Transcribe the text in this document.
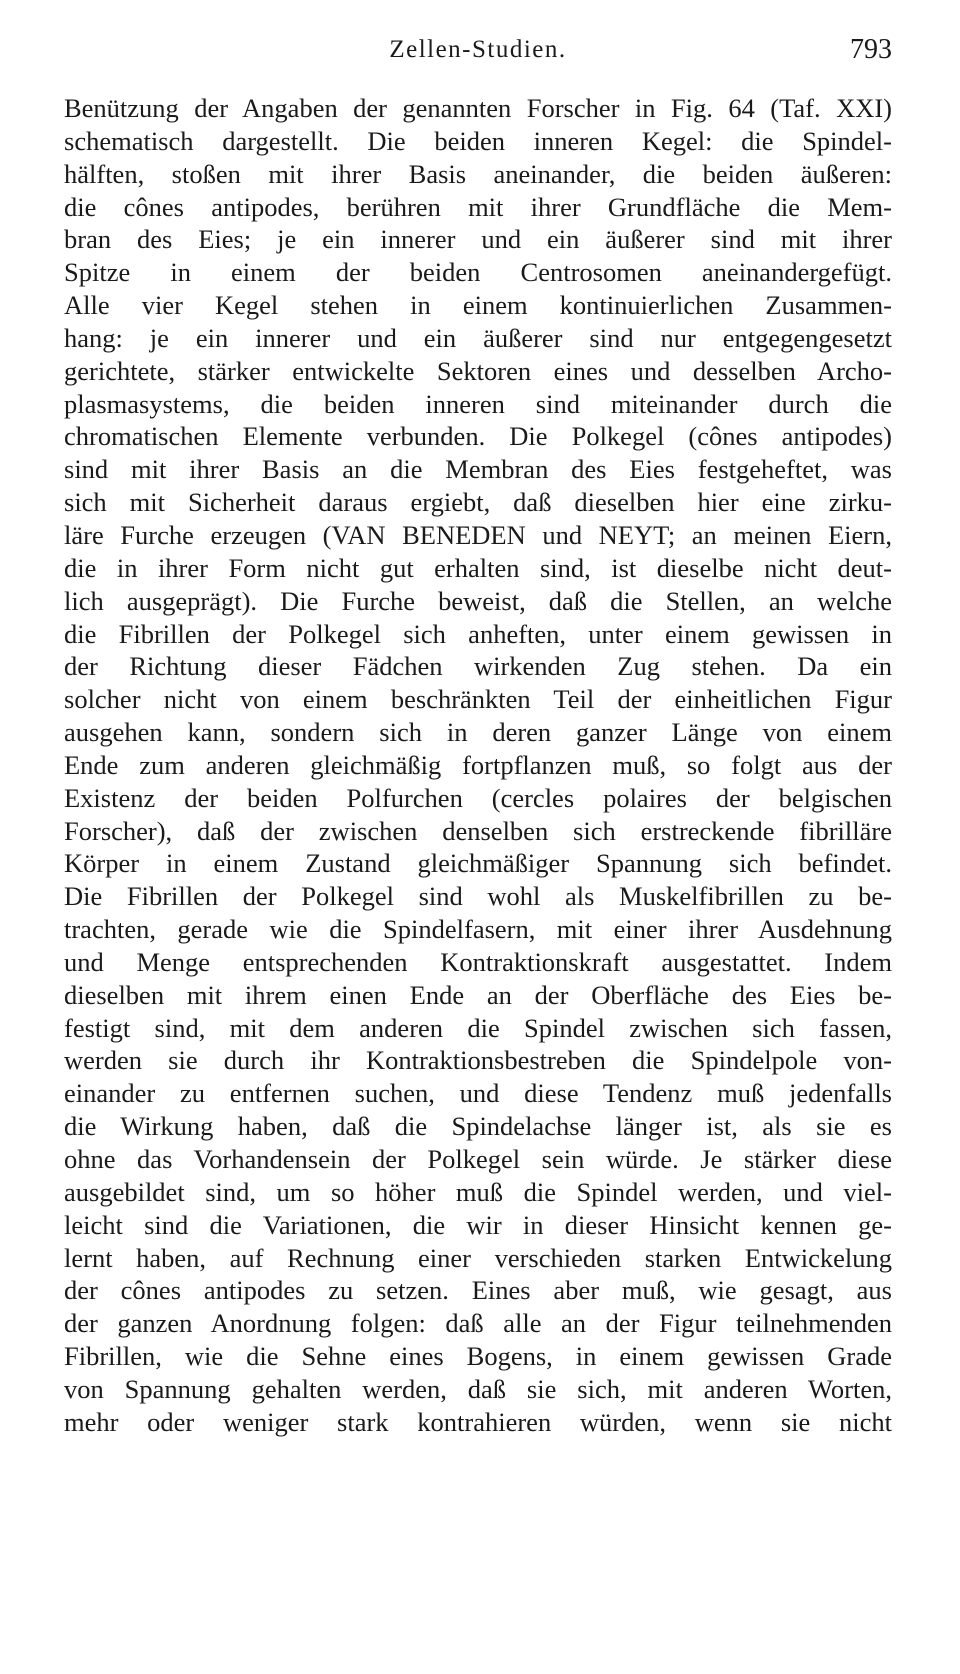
Zellen-Studien.	793
Benützung der Angaben der genannten Forscher in Fig. 64 (Taf. XXI)
schematisch dargestellt. Die beiden inneren Kegel: die Spindel-
hälften, stoßen mit ihrer Basis aneinander, die beiden äußeren:
die cônes antipodes, berühren mit ihrer Grundfläche die Mem-
bran des Eies; je ein innerer und ein äußerer sind mit ihrer
Spitze in einem der beiden Centrosomen aneinandergefügt.
Alle vier Kegel stehen in einem kontinuierlichen Zusammen-
hang: je ein innerer und ein äußerer sind nur entgegengesetzt
gerichtete, stärker entwickelte Sektoren eines und desselben Archo-
plasmasystems, die beiden inneren sind miteinander durch die
chromatischen Elemente verbunden. Die Polkegel (cônes antipodes)
sind mit ihrer Basis an die Membran des Eies festgeheftet, was
sich mit Sicherheit daraus ergiebt, daß dieselben hier eine zirku-
läre Furche erzeugen (VAN BENEDEN und NEYT; an meinen Eiern,
die in ihrer Form nicht gut erhalten sind, ist dieselbe nicht deut-
lich ausgeprägt). Die Furche beweist, daß die Stellen, an welche
die Fibrillen der Polkegel sich anheften, unter einem gewissen in
der Richtung dieser Fädchen wirkenden Zug stehen. Da ein
solcher nicht von einem beschränkten Teil der einheitlichen Figur
ausgehen kann, sondern sich in deren ganzer Länge von einem
Ende zum anderen gleichmäßig fortpflanzen muß, so folgt aus der
Existenz der beiden Polfurchen (cercles polaires der belgischen
Forscher), daß der zwischen denselben sich erstreckende fibrilläre
Körper in einem Zustand gleichmäßiger Spannung sich befindet.
Die Fibrillen der Polkegel sind wohl als Muskelfibrillen zu be-
trachten, gerade wie die Spindelfasern, mit einer ihrer Ausdehnung
und Menge entsprechenden Kontraktionskraft ausgestattet. Indem
dieselben mit ihrem einen Ende an der Oberfläche des Eies be-
festigt sind, mit dem anderen die Spindel zwischen sich fassen,
werden sie durch ihr Kontraktionsbestreben die Spindelpole von-
einander zu entfernen suchen, und diese Tendenz muß jedenfalls
die Wirkung haben, daß die Spindelachse länger ist, als sie es
ohne das Vorhandensein der Polkegel sein würde. Je stärker diese
ausgebildet sind, um so höher muß die Spindel werden, und viel-
leicht sind die Variationen, die wir in dieser Hinsicht kennen ge-
lernt haben, auf Rechnung einer verschieden starken Entwickelung
der cônes antipodes zu setzen. Eines aber muß, wie gesagt, aus
der ganzen Anordnung folgen: daß alle an der Figur teilnehmenden
Fibrillen, wie die Sehne eines Bogens, in einem gewissen Grade
von Spannung gehalten werden, daß sie sich, mit anderen Worten,
mehr oder weniger stark kontrahieren würden, wenn sie nicht
